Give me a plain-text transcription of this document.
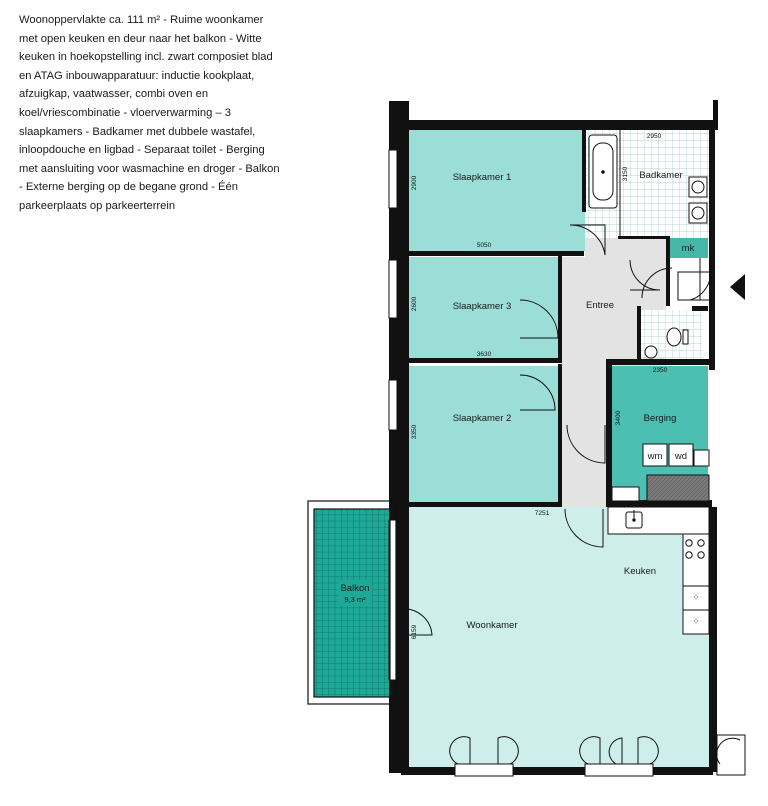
Woonoppervlakte ca. 111 m² - Ruime woonkamer met open keuken en deur naar het balkon - Witte keuken in hoekopstelling incl. zwart composiet blad en ATAG inbouwapparatuur: inductie kookplaat, afzuigkap, vaatwasser, combi oven en koel/vriescombinatie - vloerverwarming – 3 slaapkamers - Badkamer met dubbele wastafel, inloopdouche en ligbad - Separaat toilet - Berging met aansluiting voor wasmachine en droger - Balkon - Externe berging op de begane grond - Één parkeerplaats op parkeerterrein

⁘
⁘
Slaapkamer 1
Slaapkamer 3
Slaapkamer 2
Entree
Badkamer
mk
Berging
wm wd
Keuken
Woonkamer
Balkon
9,3 m²
2900
5050
2600
3630
3350
2950
3150
2350
3400
7251
6159
